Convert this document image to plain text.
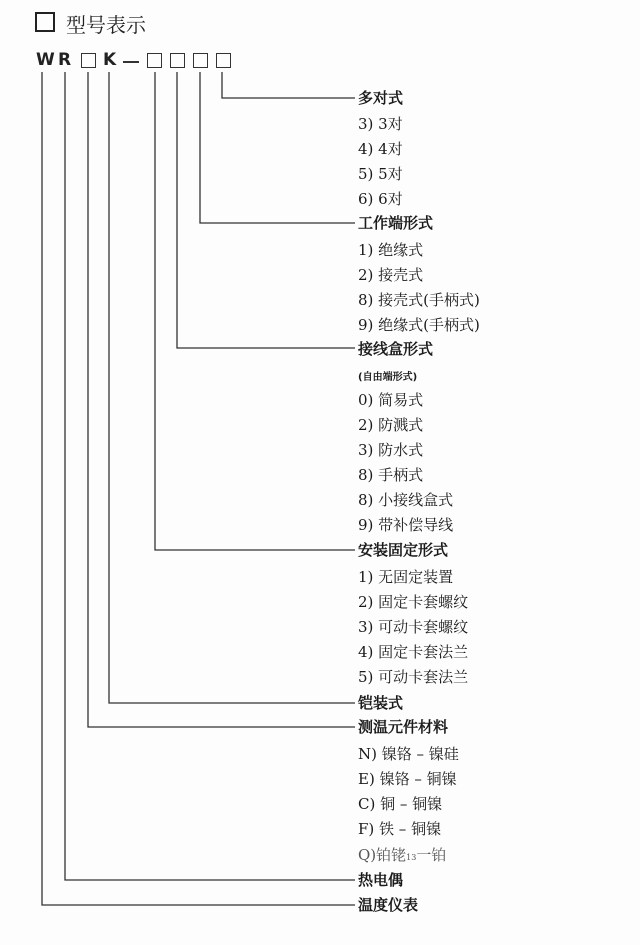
型号表示
W R K
多对式
3) 3对
4) 4对
5) 5对
6) 6对
工作端形式
1) 绝缘式
2) 接壳式
8) 接壳式(手柄式)
9) 绝缘式(手柄式)
接线盒形式
(自由端形式)
0) 简易式
2) 防溅式
3) 防水式
8) 手柄式
8) 小接线盒式
9) 带补偿导线
安装固定形式
1) 无固定装置
2) 固定卡套螺纹
3) 可动卡套螺纹
4) 固定卡套法兰
5) 可动卡套法兰
铠装式
测温元件材料
N) 镍铬 – 镍硅
E) 镍铬 – 铜镍
C) 铜 – 铜镍
F) 铁 – 铜镍
Q)铂铑13一铂
热电偶
温度仪表
